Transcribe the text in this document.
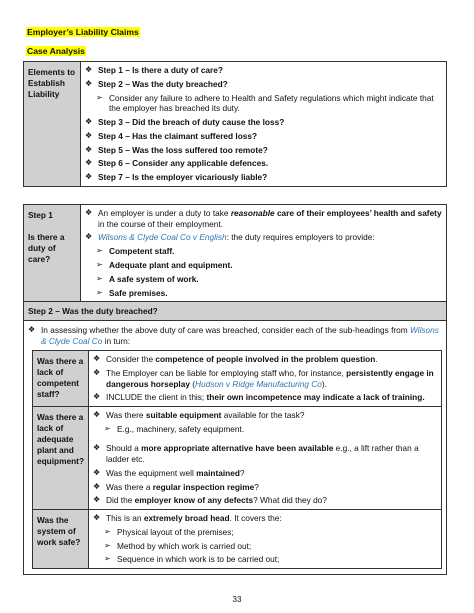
Employer’s Liability Claims
Case Analysis
Elements to Establish Liability	
❖ Step 1 – Is there a duty of care?
❖ Step 2 – Was the duty breached?
➢ Consider any failure to adhere to Health and Safety regulations which might indicate that the employer has breached its duty.
❖ Step 3 – Did the breach of duty cause the loss?
❖ Step 4 – Has the claimant suffered loss?
❖ Step 5 – Was the loss suffered too remote?
❖ Step 6 – Consider any applicable defences.
❖ Step 7 – Is the employer vicariously liable?
Step 1
Is there a duty of care?

❖ An employer is under a duty to take reasonable care of their employees’ health and safety in the course of their employment.
❖ Wilsons & Clyde Coal Co v English: the duty requires employers to provide:
➢ Competent staff.
➢ Adequate plant and equipment.
➢ A safe system of work.
➢ Safe premises.

Step 2 – Was the duty breached?

❖ In assessing whether the above duty of care was breached, consider each of the sub-headings from Wilsons & Clyde Coal Co in turn:
Was there a lack of competent staff?	
❖ Consider the competence of people involved in the problem question.
❖ The Employer can be liable for employing staff who, for instance, persistently engage in dangerous horseplay (Hudson v Ridge Manufacturing Co).
❖ INCLUDE the client in this; their own incompetence may indicate a lack of training.

Was there a lack of adequate plant and equipment?	
❖ Was there suitable equipment available for the task?
➢ E.g., machinery, safety equipment.
❖ Should a more appropriate alternative have been available e.g., a lift rather than a ladder etc.
❖ Was the equipment well maintained?
❖ Was there a regular inspection regime?
❖ Did the employer know of any defects? What did they do?

Was the system of work safe?	
❖ This is an extremely broad head. It covers the:
➢ Physical layout of the premises;
➢ Method by which work is carried out;
➢ Sequence in which work is to be carried out;
33
